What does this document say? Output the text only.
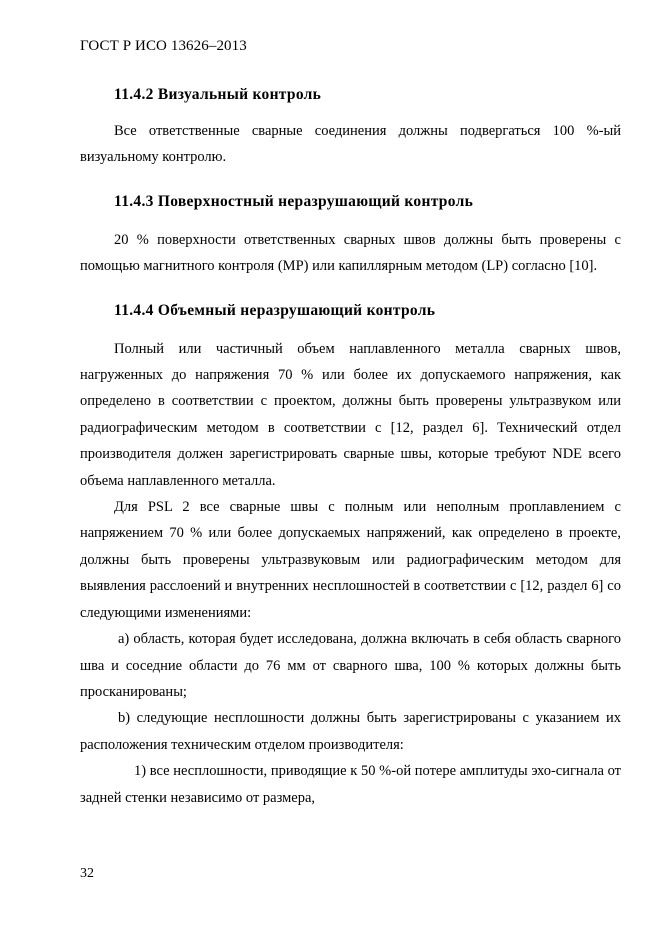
ГОСТ Р ИСО 13626–2013
11.4.2 Визуальный контроль

Все ответственные сварные соединения должны подвергаться 100 %-ый визуальному контролю.

11.4.3 Поверхностный неразрушающий контроль

20 % поверхности ответственных сварных швов должны быть проверены с помощью магнитного контроля (MP) или капиллярным методом (LP) согласно [10].

11.4.4 Объемный неразрушающий контроль

Полный или частичный объем наплавленного металла сварных швов, нагруженных до напряжения 70 % или более их допускаемого напряжения, как определено в соответствии с проектом, должны быть проверены ультразвуком или радиографическим методом в соответствии с [12, раздел 6]. Технический отдел производителя должен зарегистрировать сварные швы, которые требуют NDE всего объема наплавленного металла.

Для PSL 2 все сварные швы с полным или неполным проплавлением с напряжением 70 % или более допускаемых напряжений, как определено в проекте, должны быть проверены ультразвуковым или радиографическим методом для выявления расслоений и внутренних несплошностей в соответствии с [12, раздел 6] со следующими изменениями:

a) область, которая будет исследована, должна включать в себя область сварного шва и соседние области до 76 мм от сварного шва, 100 % которых должны быть просканированы;

b) следующие несплошности должны быть зарегистрированы с указанием их расположения техническим отделом производителя:

1) все несплошности, приводящие к 50 %-ой потере амплитуды эхо-сигнала от задней стенки независимо от размера,

32
